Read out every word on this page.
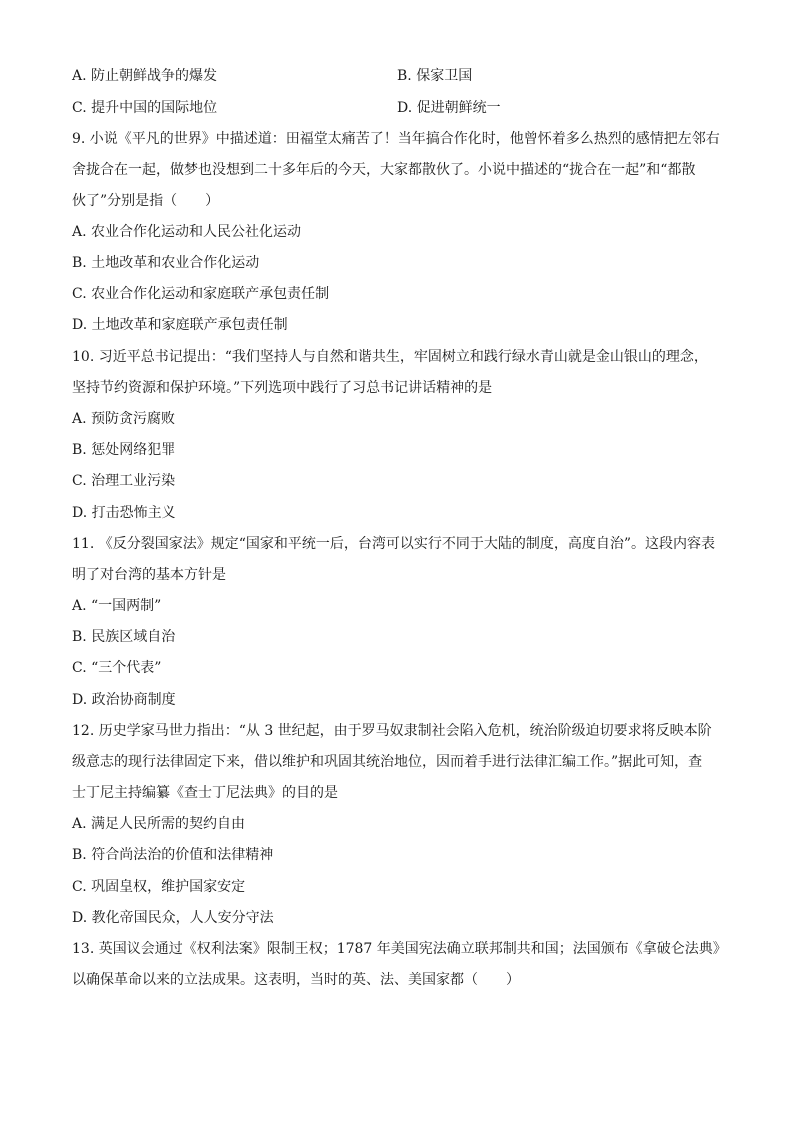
A. 防止朝鲜战争的爆发	B. 保家卫国
C. 提升中国的国际地位	D. 促进朝鲜统一
9. 小说《平凡的世界》中描述道：田福堂太痛苦了！当年搞合作化时，他曾怀着多么热烈的感情把左邻右
舍拢合在一起，做梦也没想到二十多年后的今天，大家都散伙了。小说中描述的“拢合在一起”和“都散
伙了”分别是指（　　）
A. 农业合作化运动和人民公社化运动
B. 土地改革和农业合作化运动
C. 农业合作化运动和家庭联产承包责任制
D. 土地改革和家庭联产承包责任制
10. 习近平总书记提出：“我们坚持人与自然和谐共生，牢固树立和践行绿水青山就是金山银山的理念，
坚持节约资源和保护环境。”下列选项中践行了习总书记讲话精神的是
A. 预防贪污腐败
B. 惩处网络犯罪
C. 治理工业污染
D. 打击恐怖主义
11. 《反分裂国家法》规定“国家和平统一后，台湾可以实行不同于大陆的制度，高度自治”。这段内容表
明了对台湾的基本方针是
A. “一国两制”
B. 民族区域自治
C. “三个代表”
D. 政治协商制度
12. 历史学家马世力指出：“从 3 世纪起，由于罗马奴隶制社会陷入危机，统治阶级迫切要求将反映本阶
级意志的现行法律固定下来，借以维护和巩固其统治地位，因而着手进行法律汇编工作。”据此可知，查
士丁尼主持编纂《查士丁尼法典》的目的是
A. 满足人民所需的契约自由
B. 符合尚法治的价值和法律精神
C. 巩固皇权，维护国家安定
D. 教化帝国民众，人人安分守法
13. 英国议会通过《权利法案》限制王权；1787 年美国宪法确立联邦制共和国；法国颁布《拿破仑法典》
以确保革命以来的立法成果。这表明，当时的英、法、美国家都（　　）
